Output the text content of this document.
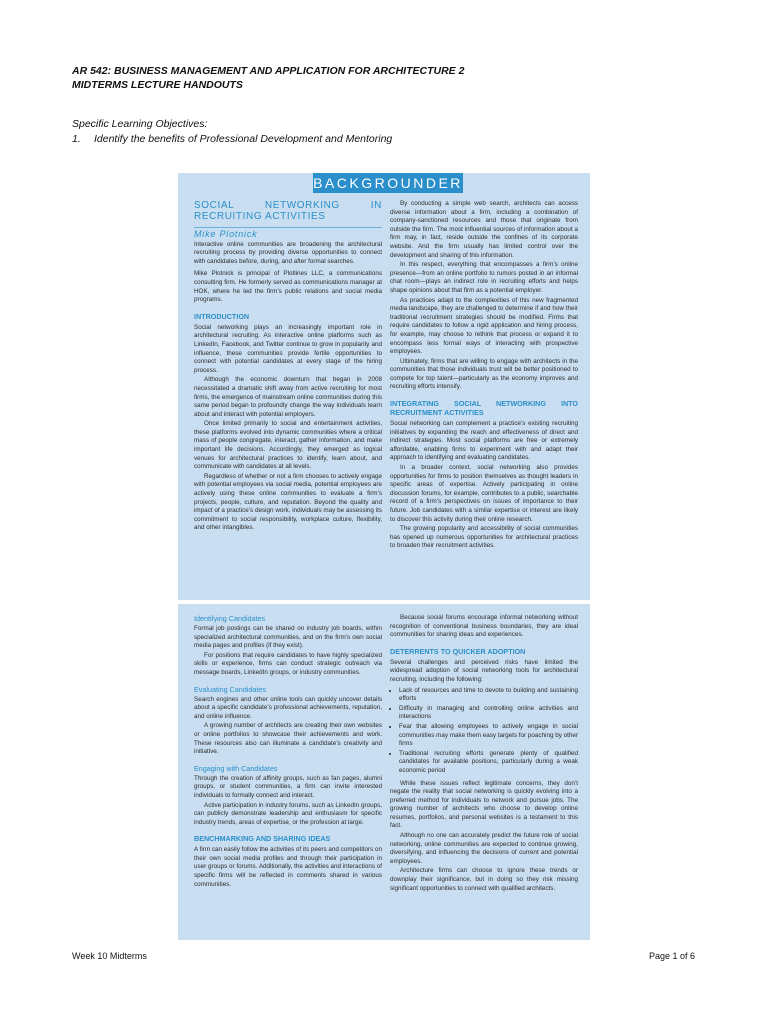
AR 542: BUSINESS MANAGEMENT AND APPLICATION FOR ARCHITECTURE 2
MIDTERMS LECTURE HANDOUTS
Specific Learning Objectives:
1. Identify the benefits of Professional Development and Mentoring
BACKGROUNDER

SOCIAL NETWORKING IN RECRUITING ACTIVITIES

Mike Plotnick

Interactive online communities are broadening the architectural recruiting process by providing diverse opportunities to connect with candidates before, during, and after formal searches.

Mike Plotnick is principal of Plotlines LLC, a communications consulting firm. He formerly served as communications manager at HOK, where he led the firm’s public relations and social media programs.

INTRODUCTION

Social networking plays an increasingly important role in architectural recruiting. As interactive online platforms such as LinkedIn, Facebook, and Twitter continue to grow in popularity and influence, these communities provide fertile opportunities to connect with potential candidates at every stage of the hiring process.

Although the economic downturn that began in 2008 necessitated a dramatic shift away from active recruiting for most firms, the emergence of mainstream online communities during this same period began to profoundly change the way individuals learn about and interact with potential employers.

Once limited primarily to social and entertainment activities, these platforms evolved into dynamic communities where a critical mass of people congregate, interact, gather information, and make important life decisions. Accordingly, they emerged as logical venues for architectural practices to identify, learn about, and communicate with candidates at all levels.

Regardless of whether or not a firm chooses to actively engage with potential employees via social media, potential employees are actively using these online communities to evaluate a firm’s projects, people, culture, and reputation. Beyond the quality and impact of a practice’s design work, individuals may be assessing its commitment to social responsibility, workplace culture, flexibility, and other intangibles.

By conducting a simple web search, architects can access diverse information about a firm, including a combination of company-sanctioned resources and those that originate from outside the firm. The most influential sources of information about a firm may, in fact, reside outside the confines of its corporate website. And the firm usually has limited control over the development and sharing of this information.

In this respect, everything that encompasses a firm’s online presence—from an online portfolio to rumors posted in an informal chat room—plays an indirect role in recruiting efforts and helps shape opinions about that firm as a potential employer.

As practices adapt to the complexities of this new fragmented media landscape, they are challenged to determine if and how their traditional recruitment strategies should be modified. Firms that require candidates to follow a rigid application and hiring process, for example, may choose to rethink that process or expand it to encompass less formal ways of interacting with prospective employees.

Ultimately, firms that are willing to engage with architects in the communities that those individuals trust will be better positioned to compete for top talent—particularly as the economy improves and recruiting efforts intensify.

INTEGRATING SOCIAL NETWORKING INTO RECRUITMENT ACTIVITIES

Social networking can complement a practice’s existing recruiting initiatives by expanding the reach and effectiveness of direct and indirect strategies. Most social platforms are free or extremely affordable, enabling firms to experiment with and adapt their approach to identifying and evaluating candidates.

In a broader context, social networking also provides opportunities for firms to position themselves as thought leaders in specific areas of expertise. Actively participating in online discussion forums, for example, contributes to a public, searchable record of a firm’s perspectives on issues of importance to their future. Job candidates with a similar expertise or interest are likely to discover this activity during their online research.

The growing popularity and accessibility of social communities has opened up numerous opportunities for architectural practices to broaden their recruitment activities.

Identifying Candidates

Formal job postings can be shared on industry job boards, within specialized architectural communities, and on the firm’s own social media pages and profiles (if they exist).

For positions that require candidates to have highly specialized skills or experience, firms can conduct strategic outreach via message boards, LinkedIn groups, or industry communities.

Evaluating Candidates

Search engines and other online tools can quickly uncover details about a specific candidate’s professional achievements, reputation, and online influence.

A growing number of architects are creating their own websites or online portfolios to showcase their achievements and work. These resources also can illuminate a candidate’s creativity and initiative.

Engaging with Candidates

Through the creation of affinity groups, such as fan pages, alumni groups, or student communities, a firm can invite interested individuals to formally connect and interact.

Active participation in industry forums, such as LinkedIn groups, can publicly demonstrate leadership and enthusiasm for specific industry trends, areas of expertise, or the profession at large.

BENCHMARKING AND SHARING IDEAS

A firm can easily follow the activities of its peers and competitors on their own social media profiles and through their participation in user groups or forums. Additionally, the activities and interactions of specific firms will be reflected in comments shared in various communities.

Because social forums encourage informal networking without recognition of conventional business boundaries, they are ideal communities for sharing ideas and experiences.

DETERRENTS TO QUICKER ADOPTION

Several challenges and perceived risks have limited the widespread adoption of social networking tools for architectural recruiting, including the following:

• Lack of resources and time to devote to building and sustaining efforts
• Difficulty in managing and controlling online activities and interactions
• Fear that allowing employees to actively engage in social communities may make them easy targets for poaching by other firms
• Traditional recruiting efforts generate plenty of qualified candidates for available positions, particularly during a weak economic period

While these issues reflect legitimate concerns, they don’t negate the reality that social networking is quickly evolving into a preferred method for individuals to network and pursue jobs. The growing number of architects who choose to develop online resumes, portfolios, and personal websites is a testament to this fact.

Although no one can accurately predict the future role of social networking, online communities are expected to continue growing, diversifying, and influencing the decisions of current and potential employees.

Architecture firms can choose to ignore these trends or downplay their significance, but in doing so they risk missing significant opportunities to connect with qualified architects.

Week 10 Midterms	Page 1 of 6
